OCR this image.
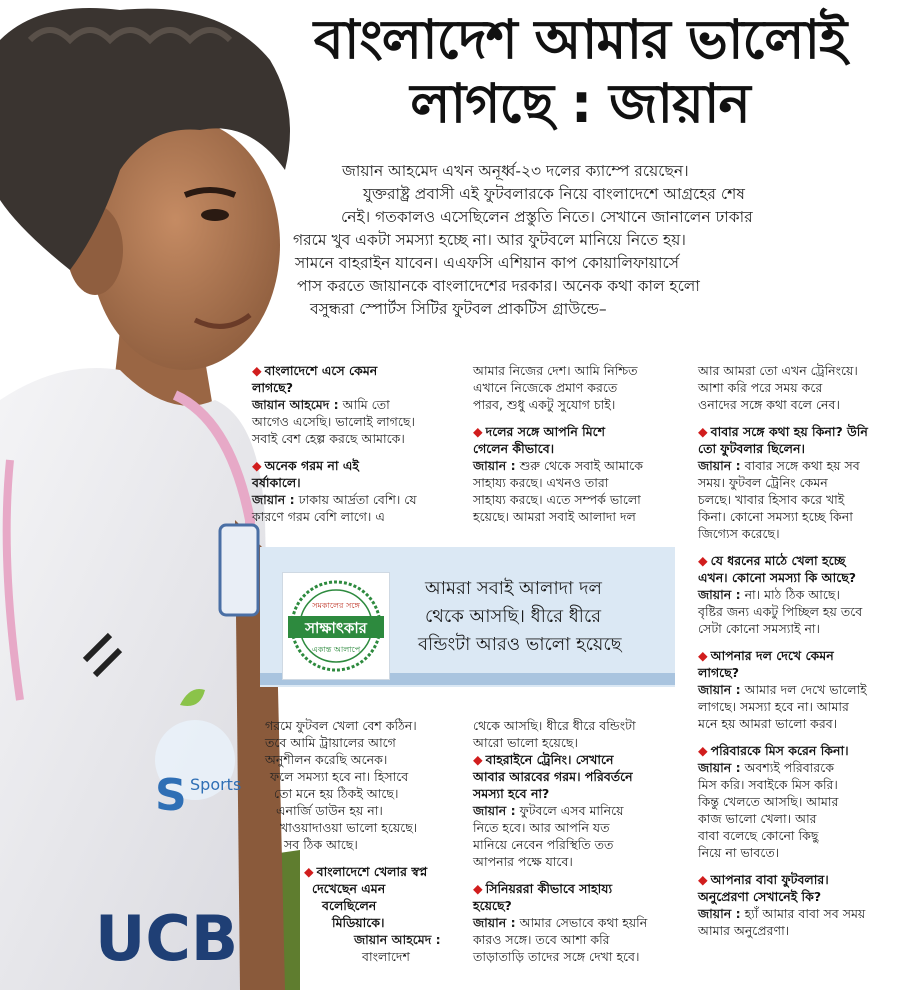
S Sports
UCB
বাংলাদেশ আমার ভালোই
লাগছে : জায়ান
জায়ান আহমেদ এখন অনূর্ধ্ব-২৩ দলের ক্যাম্পে রয়েছেন।
যুক্তরাষ্ট্র প্রবাসী এই ফুটবলারকে নিয়ে বাংলাদেশে আগ্রহের শেষ
নেই। গতকালও এসেছিলেন প্রস্তুতি নিতে। সেখানে জানালেন ঢাকার
গরমে খুব একটা সমস্যা হচ্ছে না। আর ফুটবলে মানিয়ে নিতে হয়।
সামনে বাহরাইন যাবেন। এএফসি এশিয়ান কাপ কোয়ালিফায়ার্সে
পাস করতে জায়ানকে বাংলাদেশের দরকার। অনেক কথা কাল হলো
বসুন্ধরা স্পোর্টস সিটির ফুটবল প্রাকটিস গ্রাউন্ডে–
◆ বাংলাদেশে এসে কেমন
লাগছে?
জায়ান আহমেদ : আমি তো
আগেও এসেছি। ভালোই লাগছে।
সবাই বেশ হেল্প করছে আমাকে।
◆ অনেক গরম না এই
বর্ষাকালে।
জায়ান : ঢাকায় আর্দ্রতা বেশি। যে
কারণে গরম বেশি লাগে। এ
আমার নিজের দেশ। আমি নিশ্চিত
এখানে নিজেকে প্রমাণ করতে
পারব, শুধু একটু সুযোগ চাই।
◆ দলের সঙ্গে আপনি মিশে
গেলেন কীভাবে।
জায়ান : শুরু থেকে সবাই আমাকে
সাহায্য করছে। এখনও তারা
সাহায্য করছে। এতে সম্পর্ক ভালো
হয়েছে। আমরা সবাই আলাদা দল
আর আমরা তো এখন ট্রেনিংয়ে।
আশা করি পরে সময় করে
ওনাদের সঙ্গে কথা বলে নেব।
◆ বাবার সঙ্গে কথা হয় কিনা? উনি
তো ফুটবলার ছিলেন।
জায়ান : বাবার সঙ্গে কথা হয় সব
সময়। ফুটবল ট্রেনিং কেমন
চলছে। খাবার হিসাব করে খাই
কিনা। কোনো সমস্যা হচ্ছে কিনা
জিগ্যেস করেছে।
◆ যে ধরনের মাঠে খেলা হচ্ছে
এখন। কোনো সমস্যা কি আছে?
জায়ান : না। মাঠ ঠিক আছে।
বৃষ্টির জন্য একটু পিচ্ছিল হয় তবে
সেটা কোনো সমস্যাই না।
◆ আপনার দল দেখে কেমন
লাগছে?
জায়ান : আমার দল দেখে ভালোই
লাগছে। সমস্যা হবে না। আমার
মনে হয় আমরা ভালো করব।
◆ পরিবারকে মিস করেন কিনা।
জায়ান : অবশ্যই পরিবারকে
মিস করি। সবাইকে মিস করি।
কিন্তু খেলতে আসছি। আমার
কাজ ভালো খেলা। আর
বাবা বলেছে কোনো কিছু
নিয়ে না ভাবতে।
◆ আপনার বাবা ফুটবলার।
অনুপ্রেরণা সেখানেই কি?
জায়ান : হ্যাঁ আমার বাবা সব সময়
আমার অনুপ্রেরণা।
সাক্ষাৎকার
সমকালের সঙ্গে
একান্ত আলাপে
আমরা সবাই আলাদা দল
থেকে আসছি। ধীরে ধীরে
বন্ডিংটা আরও ভালো হয়েছে
গরমে ফুটবল খেলা বেশ কঠিন।
তবে আমি ট্রায়ালের আগে
অনুশীলন করেছি অনেক।
ফলে সমস্যা হবে না। হিসাবে
তো মনে হয় ঠিকই আছে।
এনার্জি ডাউন হয় না।
খাওয়াদাওয়া ভালো হয়েছে।
সব ঠিক আছে।
◆ বাংলাদেশে খেলার স্বপ্ন
দেখেছেন এমন
বলেছিলেন
মিডিয়াকে।
জায়ান আহমেদ :
বাংলাদেশ
থেকে আসছি। ধীরে ধীরে বন্ডিংটা
আরো ভালো হয়েছে।
◆ বাহরাইনে ট্রেনিং। সেখানে
আবার আরবের গরম। পরিবর্তনে
সমস্যা হবে না?
জায়ান : ফুটবলে এসব মানিয়ে
নিতে হবে। আর আপনি যত
মানিয়ে নেবেন পরিস্থিতি তত
আপনার পক্ষে যাবে।
◆ সিনিয়ররা কীভাবে সাহায্য
হয়েছে?
জায়ান : আমার সেভাবে কথা হয়নি
কারও সঙ্গে। তবে আশা করি
তাড়াতাড়ি তাদের সঙ্গে দেখা হবে।
